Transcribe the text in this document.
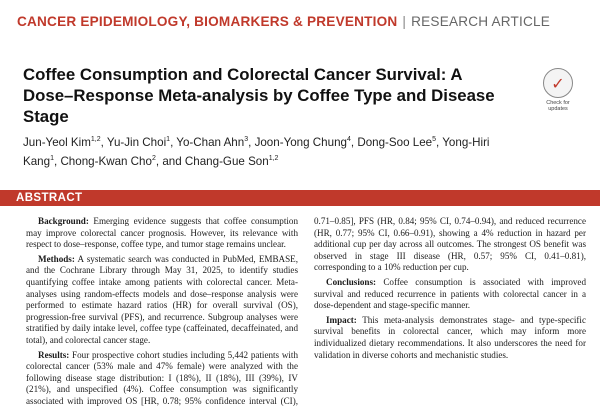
CANCER EPIDEMIOLOGY, BIOMARKERS & PREVENTION | RESEARCH ARTICLE
Coffee Consumption and Colorectal Cancer Survival: A Dose–Response Meta-analysis by Coffee Type and Disease Stage
Jun-Yeol Kim$^{1,2}$, Yu-Jin Choi$^1$, Yo-Chan Ahn$^3$, Joon-Yong Chung$^4$, Dong-Soo Lee$^5$, Yong-Hiri Kang$^1$, Chong-Kwan Cho$^2$, and Chang-Gue Son$^{1,2}$
✓
Check for
updates
ABSTRACT

Background: Emerging evidence suggests that coffee consumption may improve colorectal cancer prognosis. However, its relevance with respect to dose–response, coffee type, and tumor stage remains unclear.

Methods: A systematic search was conducted in PubMed, EMBASE, and the Cochrane Library through May 31, 2025, to identify studies quantifying coffee intake among patients with colorectal cancer. Meta-analyses using random-effects models and dose–response analysis were performed to estimate hazard ratios (HR) for overall survival (OS), progression-free survival (PFS), and recurrence. Subgroup analyses were stratified by daily intake level, coffee type (caffeinated, decaffeinated, and total), and colorectal cancer stage.

Results: Four prospective cohort studies including 5,442 patients with colorectal cancer (53% male and 47% female) were analyzed with the following disease stage distribution: I (18%), II (18%), III (39%), IV (21%), and unspecified (4%). Coffee consumption was significantly associated with improved OS [HR, 0.78; 95% confidence interval (CI), 0.71–0.85], PFS (HR, 0.84; 95% CI, 0.74–0.94), and reduced recurrence (HR, 0.77; 95% CI, 0.66–0.91), showing a 4% reduction in hazard per additional cup per day across all outcomes. The strongest OS benefit was observed in stage III disease (HR, 0.57; 95% CI, 0.41–0.81), corresponding to a 10% reduction per cup.

Conclusions: Coffee consumption is associated with improved survival and reduced recurrence in patients with colorectal cancer in a dose-dependent and stage-specific manner.

Impact: This meta-analysis demonstrates stage- and type-specific survival benefits in colorectal cancer, which may inform more individualized dietary recommendations. It also underscores the need for validation in diverse cohorts and mechanistic studies.
